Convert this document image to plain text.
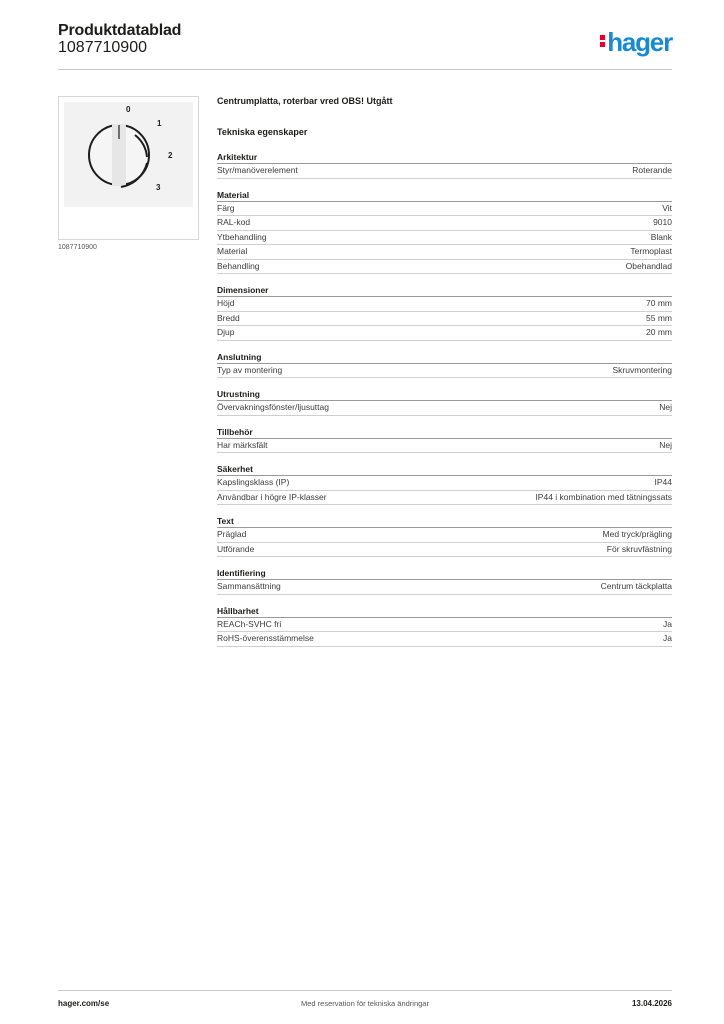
Produktdatablad
1087710900	hager
0
1
2
3
1087710900
Centrumplatta, roterbar vred OBS! Utgått
Tekniska egenskaper
Arkitektur
Styr/manöverelement	Roterande
Material
Färg	Vit
RAL-kod	9010
Ytbehandling	Blank
Material	Termoplast
Behandling	Obehandlad
Dimensioner
Höjd	70 mm
Bredd	55 mm
Djup	20 mm
Anslutning
Typ av montering	Skruvmontering
Utrustning
Övervakningsfönster/ljusuttag	Nej
Tillbehör
Har märksfält	Nej
Säkerhet
Kapslingsklass (IP)	IP44
Användbar i högre IP-klasser	IP44 i kombination med tätningssats
Text
Präglad	Med tryck/prägling
Utförande	För skruvfästning
Identifiering
Sammansättning	Centrum täckplatta
Hållbarhet
REACh-SVHC fri	Ja
RoHS-överensstämmelse	Ja
hager.com/se	Med reservation för tekniska ändringar	13.04.2026
